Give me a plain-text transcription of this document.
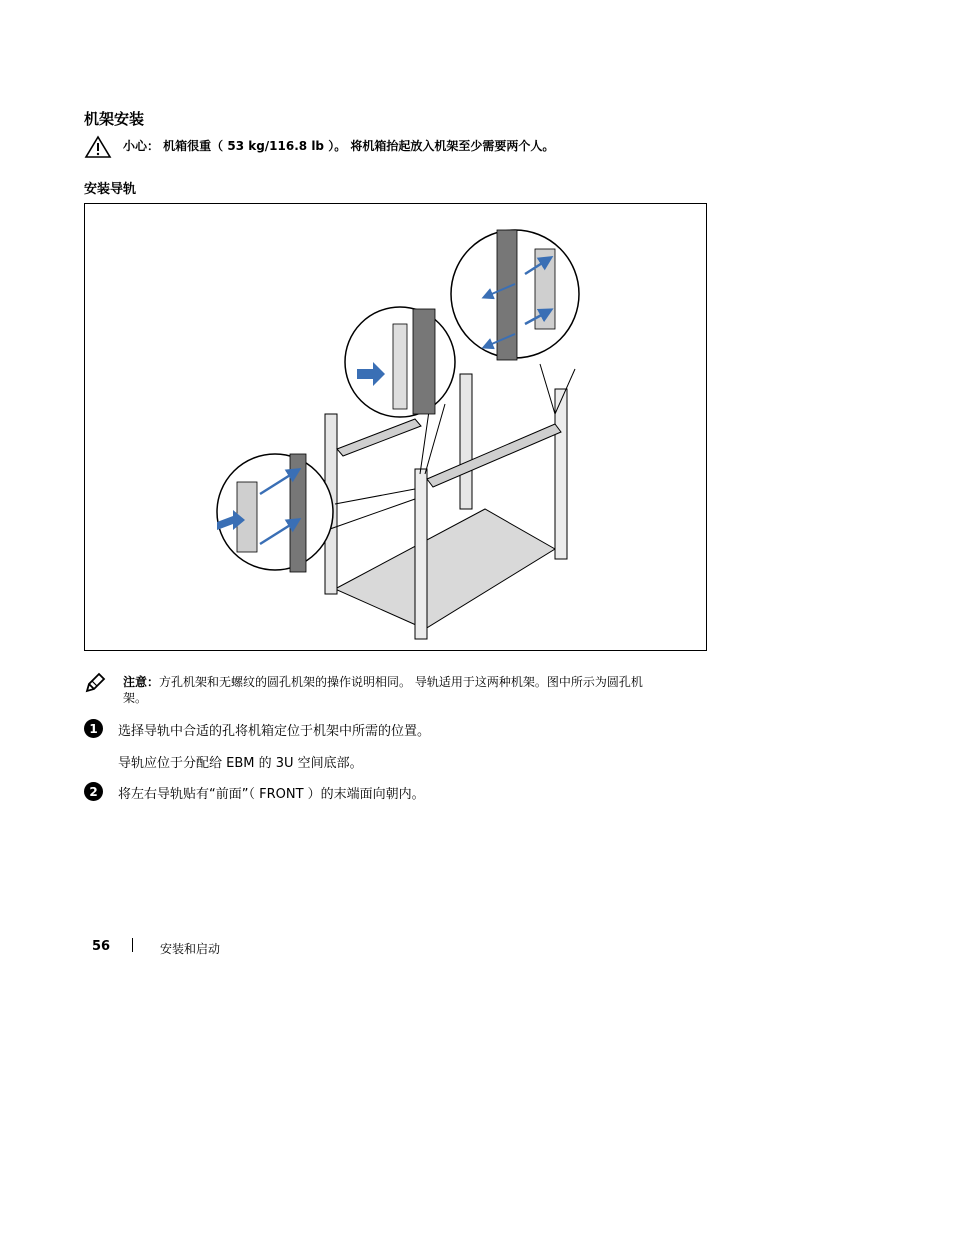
机架安装
小心： 机箱很重（ 53 kg/116.8 lb ）。 将机箱抬起放入机架至少需要两个人。
安装导轨
注意：方孔机架和无螺纹的圆孔机架的操作说明相同。 导轨适用于这两种机架。图中所示为圆孔机架。
1	选择导轨中合适的孔将机箱定位于机架中所需的位置。
导轨应位于分配给 EBM 的 3U 空间底部。
2	将左右导轨贴有“前面”（ FRONT ）的末端面向朝内。
56	安装和启动
